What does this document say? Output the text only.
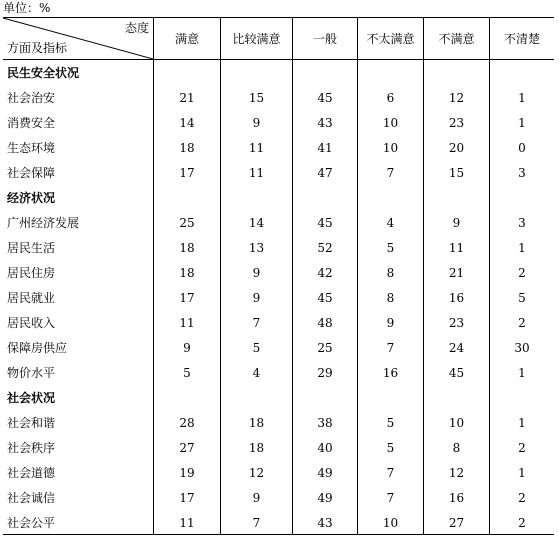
单位：%
态度
方面及指标
满意	比较满意	一般	不太满意	不满意	不清楚
民生安全状况
社会治安	21	15	45	6	12	1
消费安全	14	9	43	10	23	1
生态环境	18	11	41	10	20	0
社会保障	17	11	47	7	15	3
经济状况
广州经济发展	25	14	45	4	9	3
居民生活	18	13	52	5	11	1
居民住房	18	9	42	8	21	2
居民就业	17	9	45	8	16	5
居民收入	11	7	48	9	23	2
保障房供应	9	5	25	7	24	30
物价水平	5	4	29	16	45	1
社会状况
社会和谐	28	18	38	5	10	1
社会秩序	27	18	40	5	8	2
社会道德	19	12	49	7	12	1
社会诚信	17	9	49	7	16	2
社会公平	11	7	43	10	27	2
